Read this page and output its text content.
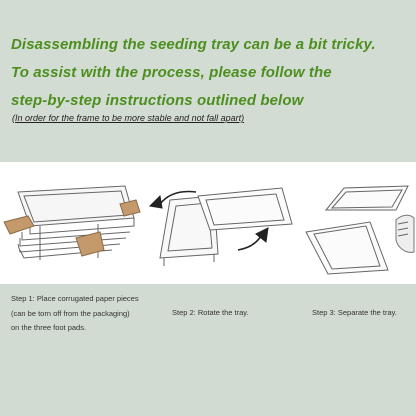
Disassembling the seeding tray can be a bit tricky.
To assist with the process, please follow the
step-by-step instructions outlined below
(In order for the frame to be more stable and not fall apart)
Step 1: Place corrugated paper pieces
(can be torn off from the packaging)
on the three foot pads.
Step 2: Rotate the tray.	Step 3: Separate the tray.
